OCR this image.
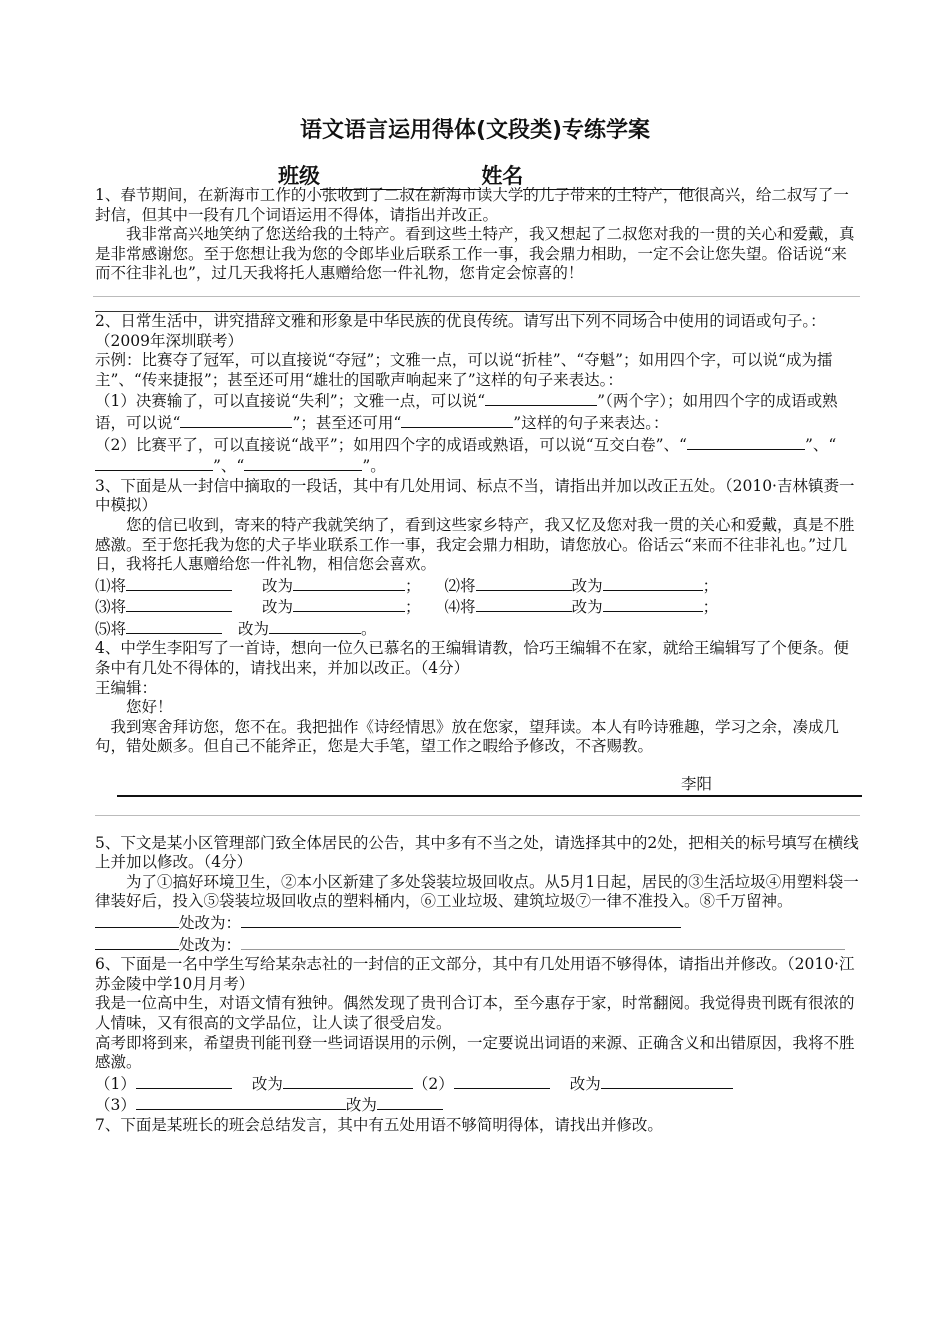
语文语言运用得体(文段类)专练学案
班级	姓名

1、春节期间，在新海市工作的小张收到了二叔在新海市读大学的儿子带来的土特产，他很高兴，给二叔写了一封信，但其中一段有几个词语运用不得体，请指出并改正。

我非常高兴地笑纳了您送给我的土特产。看到这些土特产，我又想起了二叔您对我的一贯的关心和爱戴，真是非常感谢您。至于您想让我为您的令郎毕业后联系工作一事，我会鼎力相助，一定不会让您失望。俗话说“来而不往非礼也”，过几天我将托人惠赠给您一件礼物，您肯定会惊喜的！

2、日常生活中，讲究措辞文雅和形象是中华民族的优良传统。请写出下列不同场合中使用的词语或句子。：（2009年深圳联考）

示例：比赛夺了冠军，可以直接说“夺冠”；文雅一点，可以说“折桂”、“夺魁”；如用四个字，可以说“成为擂主”、“传来捷报”；甚至还可用“雄壮的国歌声响起来了”这样的句子来表达。：

（1）决赛输了，可以直接说“失利”；文雅一点，可以说“	”（两个字）；如用四个字的成语或熟语，可以说“	”；甚至还可用“	”这样的句子来表达。：

（2）比赛平了，可以直接说“战平”；如用四个字的成语或熟语，可以说“互交白卷”、“	”、“”、“	”。

3、下面是从一封信中摘取的一段话，其中有几处用词、标点不当，请指出并加以改正五处。（2010·吉林镇赉一中模拟）

您的信已收到，寄来的特产我就笑纳了，看到这些家乡特产，我又忆及您对我一贯的关心和爱戴，真是不胜感激。至于您托我为您的犬子毕业联系工作一事，我定会鼎力相助，请您放心。俗话云“来而不往非礼也。”过几日，我将托人惠赠给您一件礼物，相信您会喜欢。

⑴将	改为	； ⑵将	改为	；

⑶将	改为	； ⑷将	改为	；

⑸将	改为	。

4、中学生李阳写了一首诗，想向一位久已慕名的王编辑请教，恰巧王编辑不在家，就给王编辑写了个便条。便条中有几处不得体的，请找出来，并加以改正。（4分）

王编辑：

您好！

我到寒舍拜访您，您不在。我把拙作《诗经情思》放在您家，望拜读。本人有吟诗雅趣，学习之余，凑成几句，错处颇多。但自己不能斧正，您是大手笔，望工作之暇给予修改，不吝赐教。

李阳

5、下文是某小区管理部门致全体居民的公告，其中多有不当之处，请选择其中的2处，把相关的标号填写在横线上并加以修改。（4分）

为了①搞好环境卫生，②本小区新建了多处袋装垃圾回收点。从5月1日起，居民的③生活垃圾④用塑料袋一律装好后，投入⑤袋装垃圾回收点的塑料桶内，⑥工业垃圾、建筑垃圾⑦一律不准投入。⑧千万留神。

处改为：

处改为：

6、下面是一名中学生写给某杂志社的一封信的正文部分，其中有几处用语不够得体，请指出并修改。（2010·江苏金陵中学10月月考）

我是一位高中生，对语文情有独钟。偶然发现了贵刊合订本，至今惠存于家，时常翻阅。我觉得贵刊既有很浓的人情味，又有很高的文学品位，让人读了很受启发。

高考即将到来，希望贵刊能刊登一些词语误用的示例，一定要说出词语的来源、正确含义和出错原因，我将不胜感激。

（1）	改为	（2）	改为

（3）	改为

7、下面是某班长的班会总结发言，其中有五处用语不够简明得体，请找出并修改。
